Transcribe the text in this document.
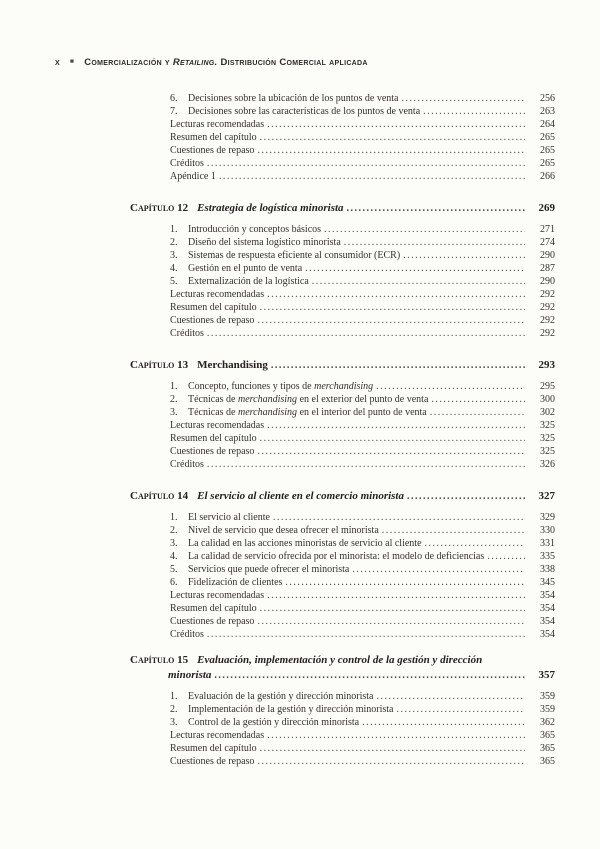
x ■ Comercialización y Retailing. Distribución Comercial aplicada
6.	Decisiones sobre la ubicación de los puntos de venta .....	256
7.	Decisiones sobre las características de los puntos de venta .....	263
Lecturas recomendadas .....	264
Resumen del capítulo .....	265
Cuestiones de repaso .....	265
Créditos .....	265
Apéndice 1 .....	266
Capítulo 12 Estrategia de logística minorista .....	269
1.	Introducción y conceptos básicos .....	271
2.	Diseño del sistema logístico minorista .....	274
3.	Sistemas de respuesta eficiente al consumidor (ECR) .....	290
4.	Gestión en el punto de venta .....	287
5.	Externalización de la logística .....	290
Lecturas recomendadas .....	292
Resumen del capítulo .....	292
Cuestiones de repaso .....	292
Créditos .....	292
Capítulo 13 Merchandising .....	293
1.	Concepto, funciones y tipos de merchandising .....	295
2.	Técnicas de merchandising en el exterior del punto de venta .....	300
3.	Técnicas de merchandising en el interior del punto de venta .....	302
Lecturas recomendadas .....	325
Resumen del capítulo .....	325
Cuestiones de repaso .....	325
Créditos .....	326
Capítulo 14 El servicio al cliente en el comercio minorista .....	327
1.	El servicio al cliente .....	329
2.	Nivel de servicio que desea ofrecer el minorista .....	330
3.	La calidad en las acciones minoristas de servicio al cliente .....	331
4.	La calidad de servicio ofrecida por el minorista: el modelo de deficiencias .....	335
5.	Servicios que puede ofrecer el minorista .....	338
6.	Fidelización de clientes .....	345
Lecturas recomendadas .....	354
Resumen del capítulo .....	354
Cuestiones de repaso .....	354
Créditos .....	354
Capítulo 15 Evaluación, implementación y control de la gestión y dirección
minorista .....	357
1.	Evaluación de la gestión y dirección minorista .....	359
2.	Implementación de la gestión y dirección minorista .....	359
3.	Control de la gestión y dirección minorista .....	362
Lecturas recomendadas .....	365
Resumen del capítulo .....	365
Cuestiones de repaso .....	365
